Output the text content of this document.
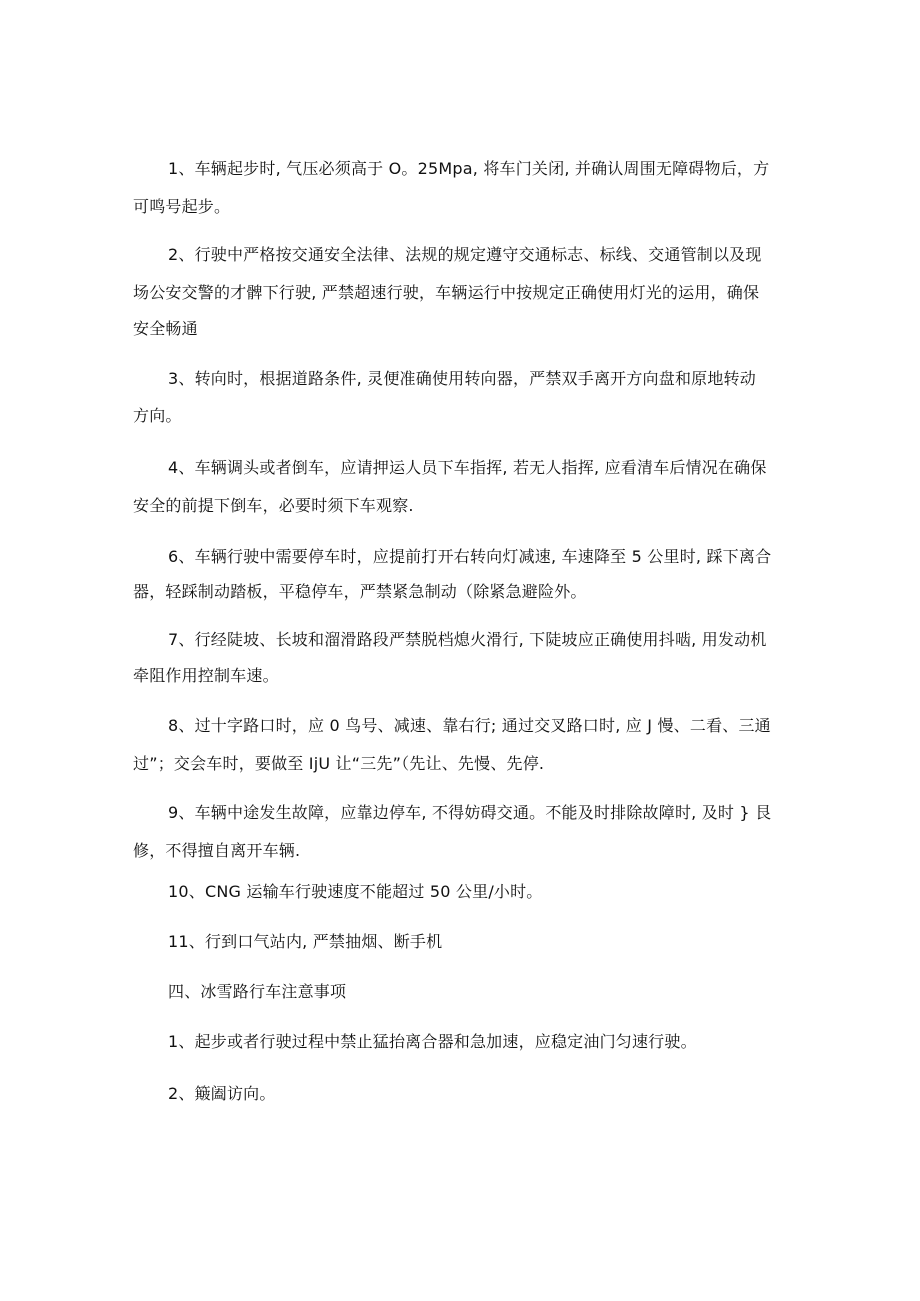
1、车辆起步时, 气压必须高于 O。25Mpa, 将车门关闭, 并确认周围无障碍物后，方
可鸣号起步。
2、行驶中严格按交通安全法律、法规的规定遵守交通标志、标线、交通管制以及现
场公安交警的才髀下行驶, 严禁超速行驶，车辆运行中按规定正确使用灯光的运用，确保
安全畅通
3、转向时，根据道路条件, 灵便准确使用转向器，严禁双手离开方向盘和原地转动
方向。
4、车辆调头或者倒车，应请押运人员下车指挥, 若无人指挥, 应看清车后情况在确保
安全的前提下倒车，必要时须下车观察.
6、车辆行驶中需要停车时，应提前打开右转向灯减速, 车速降至 5 公里时, 踩下离合
器，轻踩制动踏板，平稳停车，严禁紧急制动（除紧急避险外。
7、行经陡坡、长坡和溜滑路段严禁脱档熄火滑行, 下陡坡应正确使用抖啮, 用发动机
牵阻作用控制车速。
8、过十字路口时，应 0 鸟号、减速、靠右行; 通过交叉路口时, 应 J 慢、二看、三通
过”；交会车时，要做至 IjU 让“三先”（先让、先慢、先停.
9、车辆中途发生故障，应靠边停车, 不得妨碍交通。不能及时排除故障时, 及时 } 艮
修，不得擅自离开车辆.
10、CNG 运输车行驶速度不能超过 50 公里/小时。
11、行到口气站内, 严禁抽烟、断手机
四、冰雪路行车注意事项
1、起步或者行驶过程中禁止猛抬离合器和急加速，应稳定油门匀速行驶。
2、簸阖访向。
